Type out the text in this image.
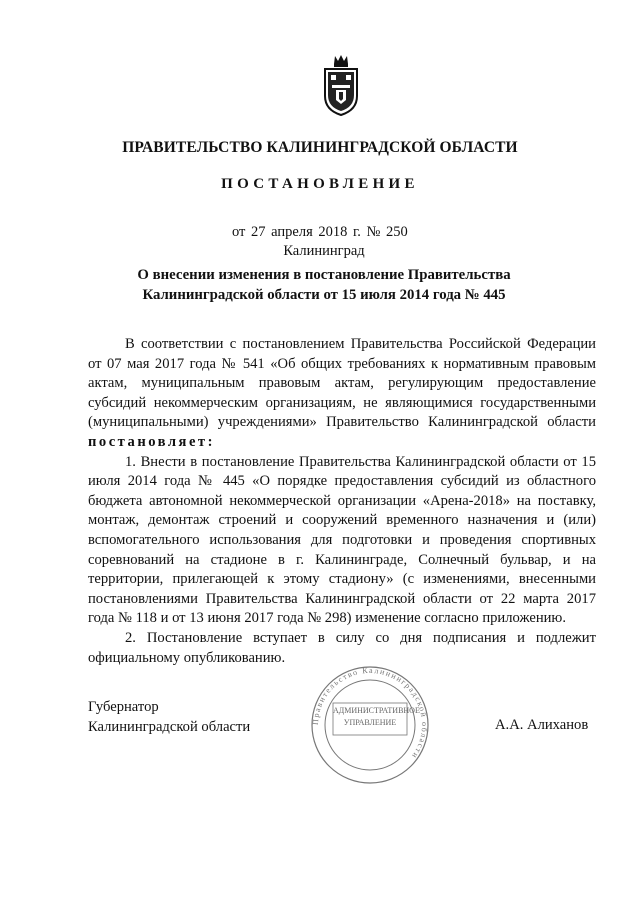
ПРАВИТЕЛЬСТВО КАЛИНИНГРАДСКОЙ ОБЛАСТИ
ПОСТАНОВЛЕНИЕ
от 27 апреля 2018 г. № 250
Калининград
О внесении изменения в постановление Правительства
Калининградской области от 15 июля 2014 года № 445

В соответствии с постановлением Правительства Российской Федерации от 07 мая 2017 года № 541 «Об общих требованиях к нормативным правовым актам, муниципальным правовым актам, регулирующим предоставление субсидий некоммерческим организациям, не являющимися государственными (муниципальными) учреждениями» Правительство Калининградской области постановляет:

1. Внести в постановление Правительства Калининградской области от 15 июля 2014 года № 445 «О порядке предоставления субсидий из областного бюджета автономной некоммерческой организации «Арена-2018» на поставку, монтаж, демонтаж строений и сооружений временного назначения и (или) вспомогательного использования для подготовки и проведения спортивных соревнований на стадионе в г. Калининграде, Солнечный бульвар, и на территории, прилегающей к этому стадиону» (с изменениями, внесенными постановлениями Правительства Калининградской области от 22 марта 2017 года № 118 и от 13 июня 2017 года № 298) изменение согласно приложению.

2. Постановление вступает в силу со дня подписания и подлежит официальному опубликованию.

Губернатор
Калининградской области	Правительство Калининградской области
АДМИНИСТРАТИВНОЕ УПРАВЛЕНИЕ	А.А. Алиханов
